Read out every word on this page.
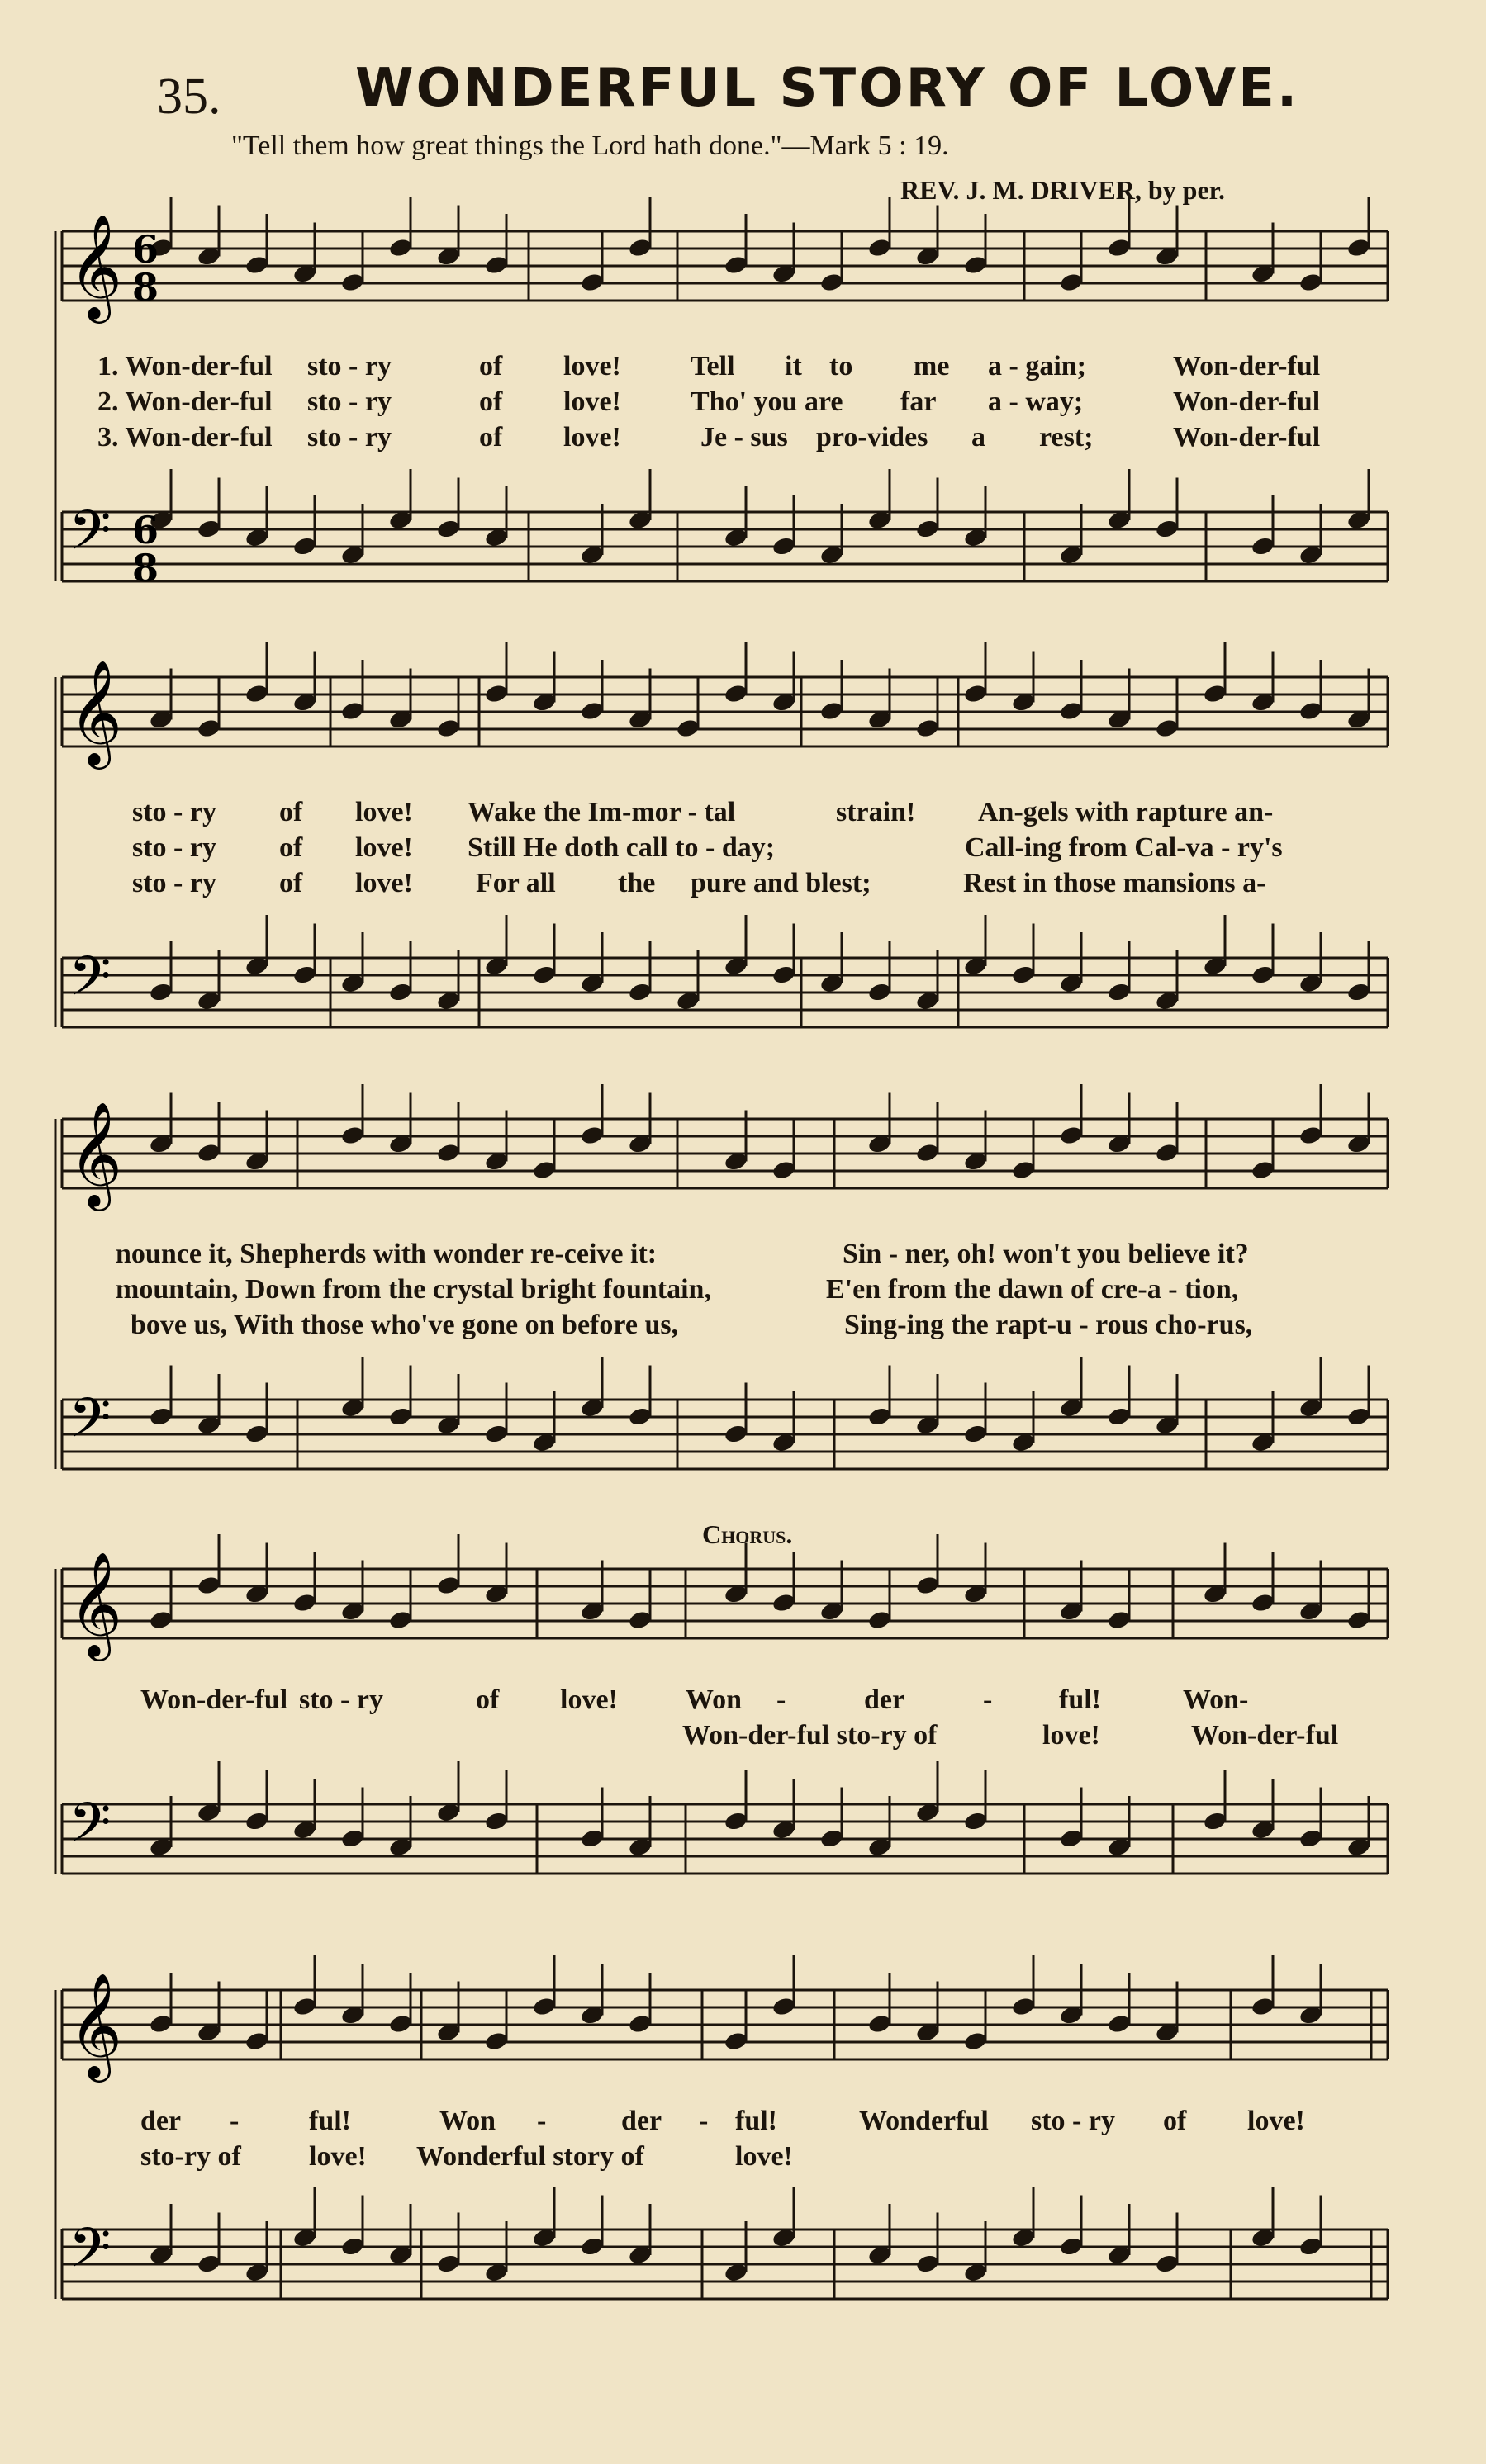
35.	WONDERFUL STORY OF LOVE.
"Tell them how great things the Lord hath done."—Mark 5 : 19.
REV. J. M. DRIVER, by per.
Chorus.
𝄞
𝄢
𝄞
𝄢
𝄞
𝄢
𝄞
𝄢
𝄞
𝄢
6
8
6
8
1. Won-der-ful sto - ry	of love! Tell it to me a - gain;	Won-der-ful
2. Won-der-ful sto - ry	of love! Tho' you are far a - way;	Won-der-ful
3. Won-der-ful sto - ry	of love!	Je - sus pro-vides a rest;	Won-der-ful
sto - ry of love! Wake the Im-mor - tal	strain! An-gels with rapture an-
sto - ry of love! Still He doth call to - day;	Call-ing from Cal-va - ry's
sto - ry of love! For all the pure and blest;	Rest in those mansions a-
nounce it, Shepherds with wonder re-ceive it:	Sin - ner, oh! won't you believe it?
mountain, Down from the crystal bright fountain,	E'en from the dawn of cre-a - tion,
bove us, With those who've gone on before us,	Sing-ing the rapt-u - rous cho-rus,
Won-der-ful sto - ry	of love! Won -	der	- ful!	Won-
Won-der-ful sto-ry of	love!	Won-der-ful
der - ful!	Won -	der - ful!	Wonderful sto - ry of love!
sto-ry of love! Wonderful story of	love!
